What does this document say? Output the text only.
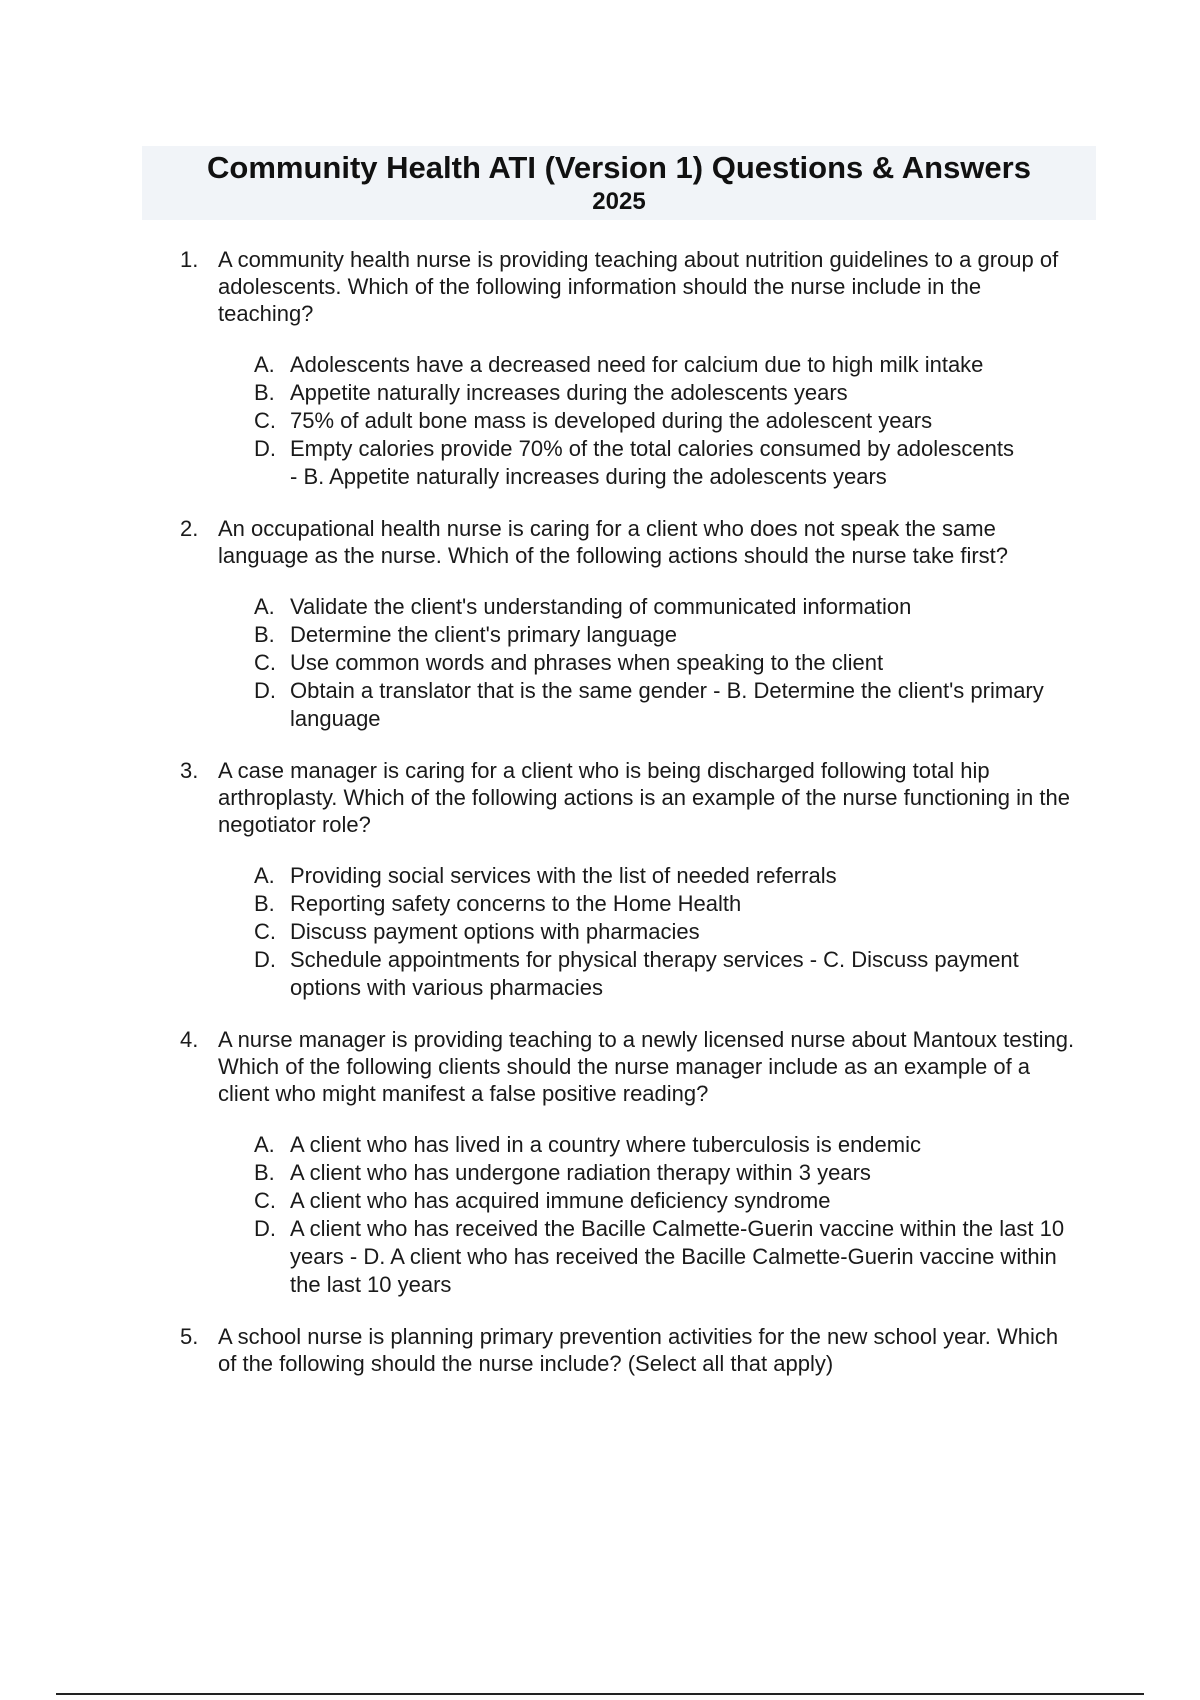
Community Health ATI (Version 1) Questions & Answers
2025
1. A community health nurse is providing teaching about nutrition guidelines to a group of adolescents. Which of the following information should the nurse include in the teaching?
A. Adolescents have a decreased need for calcium due to high milk intake
B. Appetite naturally increases during the adolescents years
C. 75% of adult bone mass is developed during the adolescent years
D. Empty calories provide 70% of the total calories consumed by adolescents
- B. Appetite naturally increases during the adolescents years
2. An occupational health nurse is caring for a client who does not speak the same language as the nurse. Which of the following actions should the nurse take first?
A. Validate the client's understanding of communicated information
B. Determine the client's primary language
C. Use common words and phrases when speaking to the client
D. Obtain a translator that is the same gender - B. Determine the client's primary language
3. A case manager is caring for a client who is being discharged following total hip arthroplasty. Which of the following actions is an example of the nurse functioning in the negotiator role?
A. Providing social services with the list of needed referrals
B. Reporting safety concerns to the Home Health
C. Discuss payment options with pharmacies
D. Schedule appointments for physical therapy services - C. Discuss payment options with various pharmacies
4. A nurse manager is providing teaching to a newly licensed nurse about Mantoux testing. Which of the following clients should the nurse manager include as an example of a client who might manifest a false positive reading?
A. A client who has lived in a country where tuberculosis is endemic
B. A client who has undergone radiation therapy within 3 years
C. A client who has acquired immune deficiency syndrome
D. A client who has received the Bacille Calmette-Guerin vaccine within the last 10 years - D. A client who has received the Bacille Calmette-Guerin vaccine within the last 10 years
5. A school nurse is planning primary prevention activities for the new school year. Which of the following should the nurse include? (Select all that apply)
